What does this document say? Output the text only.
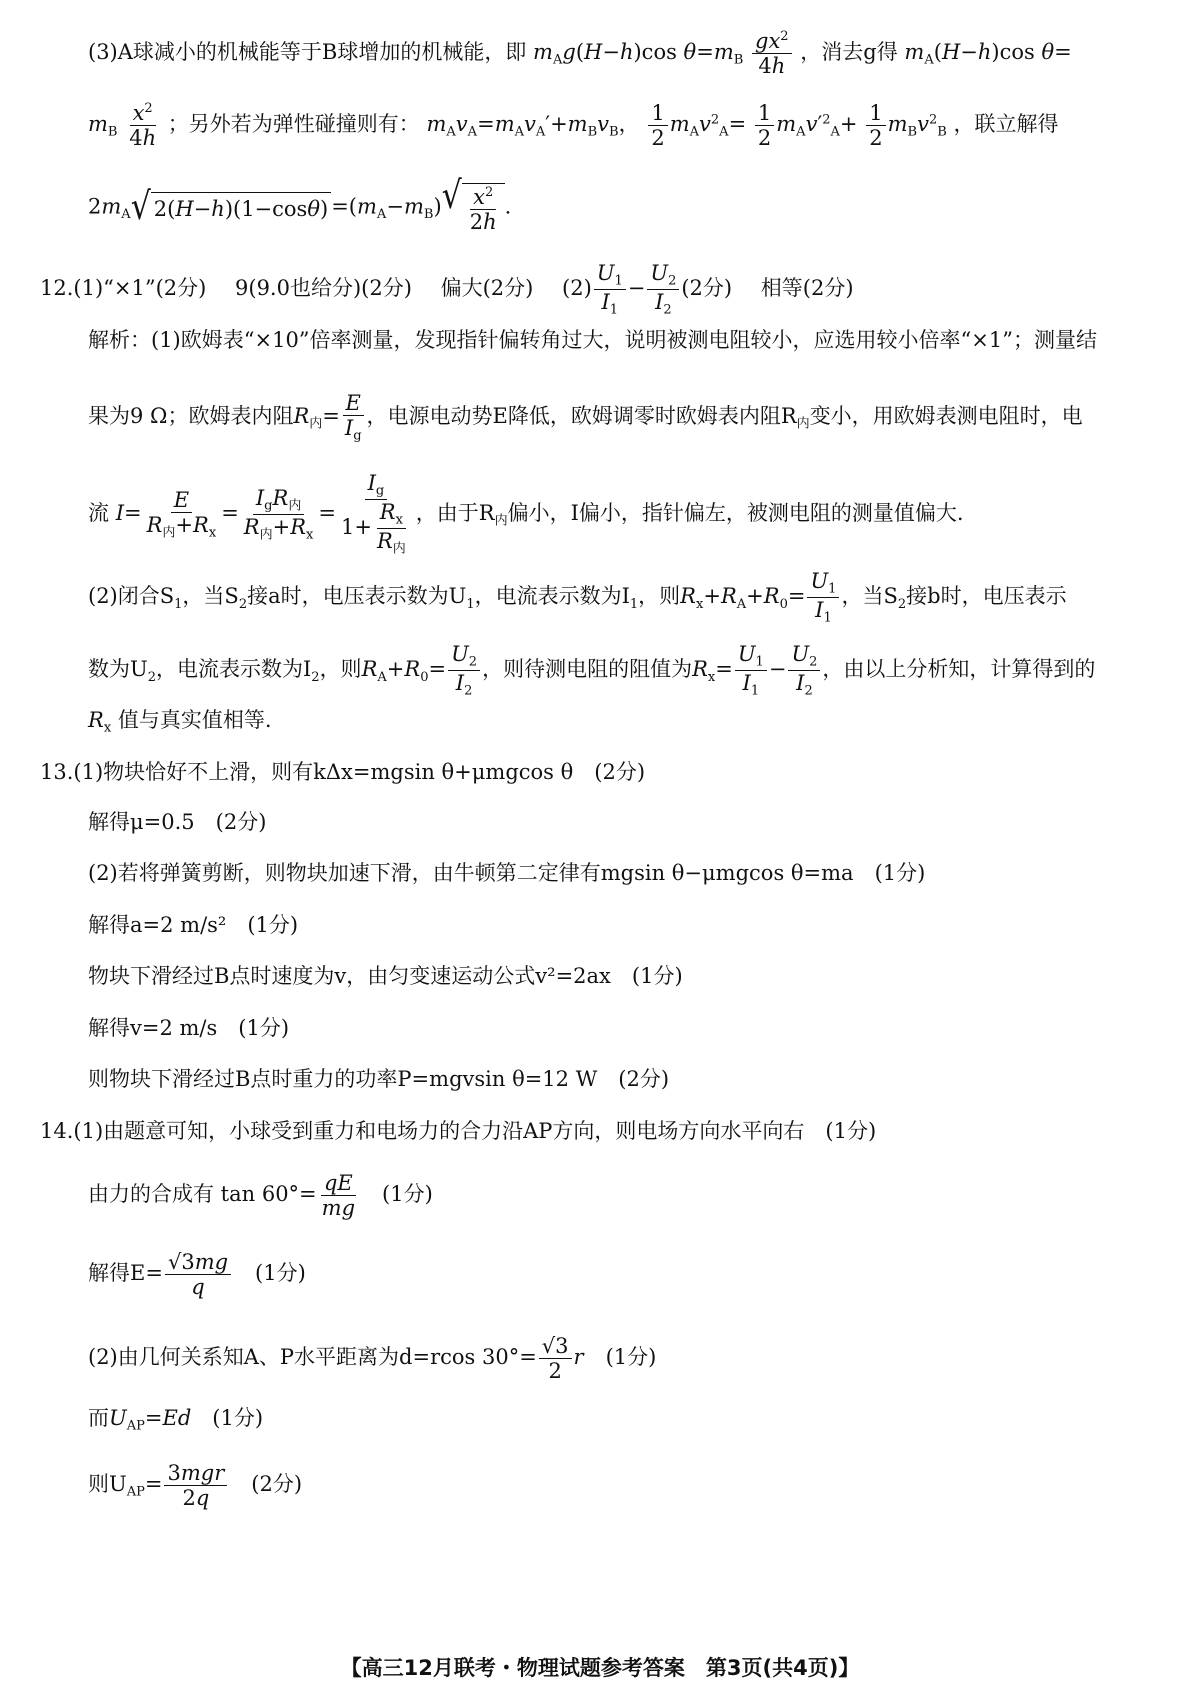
(3)A球减小的机械能等于B球增加的机械能，即 $m_Ag(H-h)\cos$ $\theta=m_B \frac{gx^2}{4h}$ ，消去g得 $m_A(H-h)\cos$ θ=
$m_B \frac{x^2}{4h}$ ；另外若为弹性碰撞则有： $m_Av_A=m_Av_A'+m_Bv_B$， $\frac{1}{2} m_Av^2_A= \frac{1}{2} m_Av'^2_A+ \frac{1}{2} m_Bv^2_B$ ，联立解得
$2m_A$ √ 2( H − h )(1−cos θ ) $=(m_A-m_B)$ √ $\frac{x^2}{2h}$ .
12.(1)“×1”(2分) 9(9.0也给分)(2分) 偏大(2分) $(2) \frac{U_1}{I_1} - \frac{U_2}{I_2} (2$分) 相等(2分)
解析：(1)欧姆表“×10”倍率测量，发现指针偏转角过大，说明被测电阻较小，应选用较小倍率“×1”；测量结
果为9 Ω；欧姆表内阻$R_内= \frac{E}{I_g}$ ，电源电动势E降低，欧姆调零时欧姆表内阻$R_内$变小，用欧姆表测电阻时，电
流 $I= \frac{E}{R_内+R_x} = \frac{I_gR_内}{R_内+R_x} = \frac{I_g}{1+ \frac{R_x}{R_内}}$ ，由于$R_内$偏小，I偏小，指针偏左，被测电阻的测量值偏大.
(2)闭合$S_1$，当$S_2$接a时，电压表示数为$U_1$，电流表示数为$I_1$，则$R_x+R_A+R_0= \frac{U_1}{I_1}$ ，当$S_2$接b时，电压表示
数为$U_2$，电流表示数为$I_2$，则$R_A+R_0= \frac{U_2}{I_2}$ ，则待测电阻的阻值为$R_x= \frac{U_1}{I_1} - \frac{U_2}{I_2}$ ，由以上分析知，计算得到的
$R_x$ 值与真实值相等.
13.(1)物块恰好不上滑，则有kΔx=mgsin θ+μmgcos θ　(2分)
解得μ=0.5　(2分)
(2)若将弹簧剪断，则物块加速下滑，由牛顿第二定律有mgsin θ−μmgcos θ=ma　(1分)
解得a=2 m/s²　(1分)
物块下滑经过B点时速度为v，由匀变速运动公式v²=2ax　(1分)
解得v=2 m/s　(1分)
则物块下滑经过B点时重力的功率P=mgvsin θ=12 W　(2分)
14.(1)由题意可知，小球受到重力和电场力的合力沿AP方向，则电场方向水平向右　(1分)
由力的合成有 $\tan 60^\circ= \frac{qE}{mg} (1$分)
解得$E= \frac{√3mg}{q} (1$分)
(2)由几何关系知A、P水平距离为d=rcos $30^\circ= \frac{√3}{2}$ r (1分)
而$U_{AP}=Ed$　(1分)
则$U_{AP}= \frac{\text{3mgr}}{2q} (2$分)
【高三12月联考・物理试题参考答案　第3页(共4页)】
